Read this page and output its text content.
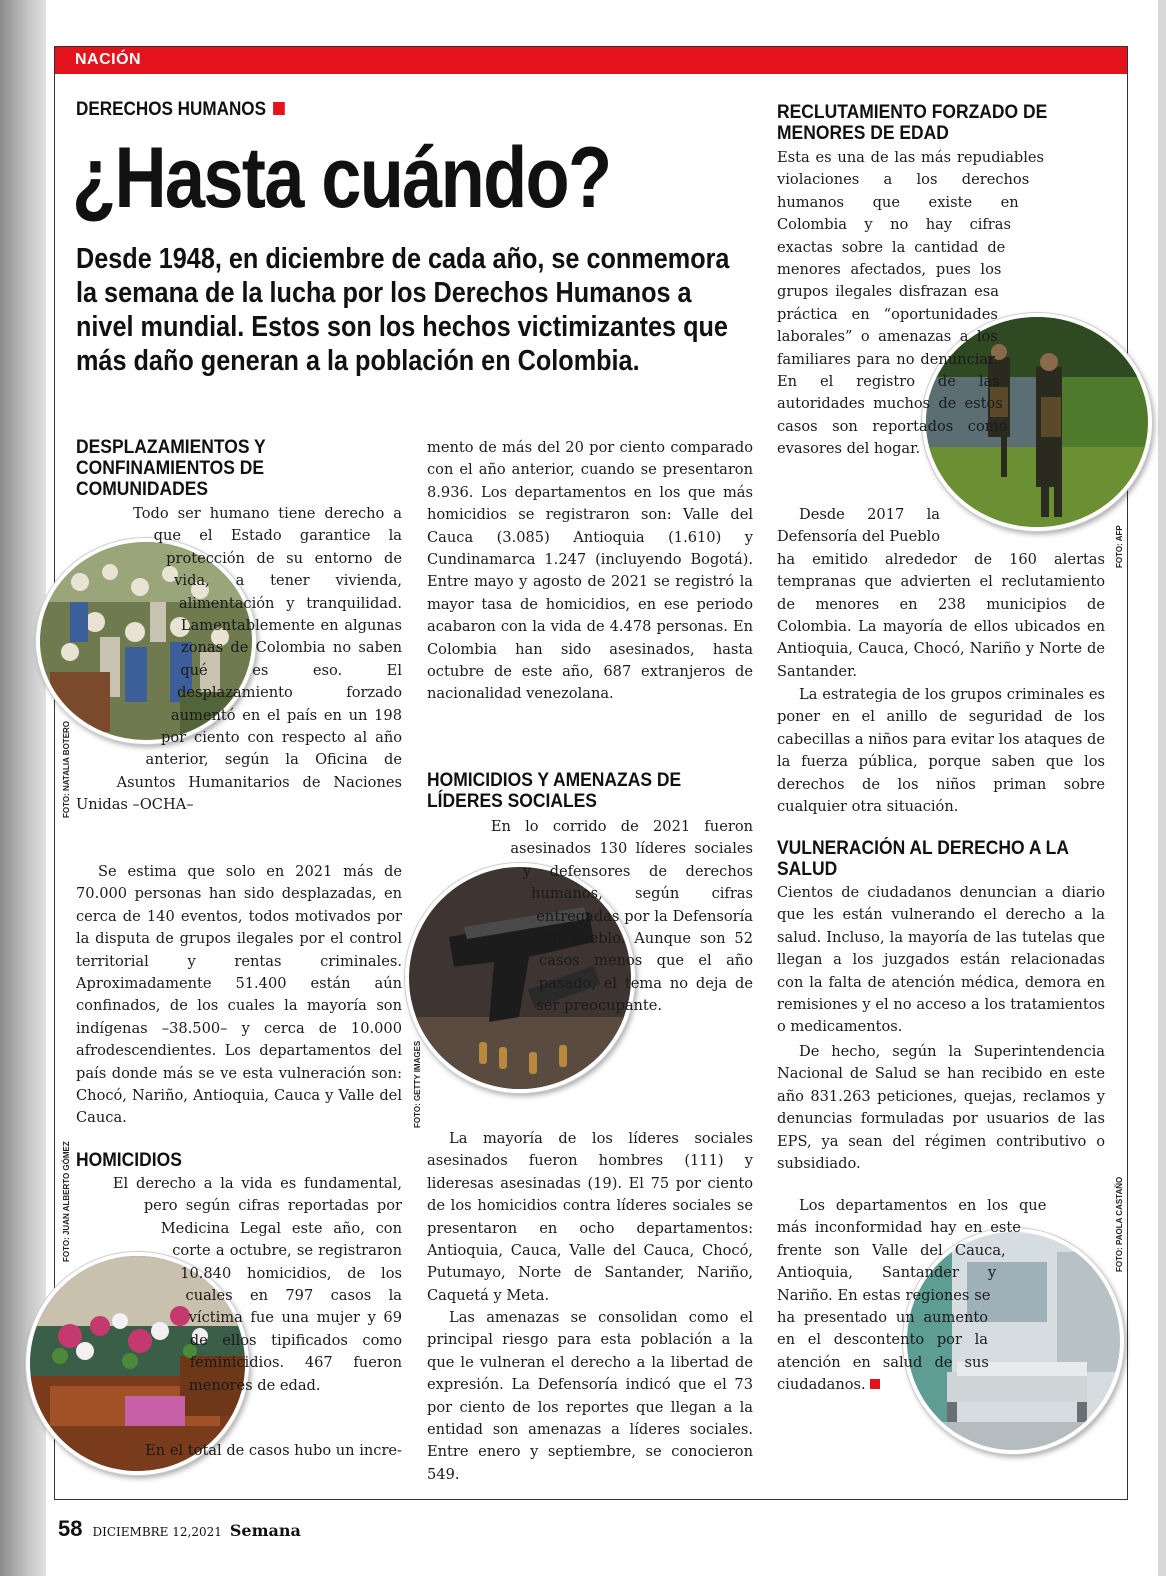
NACIÓN
DERECHOS HUMANOS
¿Hasta cuándo?
Desde 1948, en diciembre de cada año, se conmemora la semana de la lucha por los Derechos Humanos a nivel mundial. Estos son los hechos victimizantes que más daño generan a la población en Colombia.
DESPLAZAMIENTOS Y CONFINAMIENTOS DE COMUNIDADES
FOTO: NATALIA BOTERO
Todo ser humano tiene derecho a que el Estado garantice la protección de su entorno de vida, a tener vivienda, alimentación y tranquilidad. Lamentablemente en algunas zonas de Colombia no saben qué es eso. El desplazamiento forzado aumentó en el país en un 198 por ciento con respecto al año anterior, según la Oficina de Asuntos Humanitarios de Naciones Unidas –OCHA–
Se estima que solo en 2021 más de 70.000 personas han sido desplazadas, en cerca de 140 eventos, todos motivados por la disputa de grupos ilegales por el control territorial y rentas criminales. Aproximadamente 51.400 están aún confinados, de los cuales la mayoría son indígenas –38.500– y cerca de 10.000 afrodescendientes. Los departamentos del país donde más se ve esta vulneración son: Chocó, Nariño, Antioquia, Cauca y Valle del Cauca.
HOMICIDIOS
FOTO: JUAN ALBERTO GÓMEZ	El derecho a la vida es fundamental, pero según cifras reportadas por Medicina Legal este año, con corte a octubre, se registraron 10.840 homicidios, de los cuales en 797 casos la víctima fue una mujer y 69 de ellos tipificados como feminicidios. 467 fueron menores de edad.
En el total de casos hubo un incre-
mento de más del 20 por ciento comparado con el año anterior, cuando se presentaron 8.936. Los departamentos en los que más homicidios se registraron son: Valle del Cauca (3.085) Antioquia (1.610) y Cundinamarca 1.247 (incluyendo Bogotá). Entre mayo y agosto de 2021 se registró la mayor tasa de homicidios, en ese periodo acabaron con la vida de 4.478 personas. En Colombia han sido asesinados, hasta octubre de este año, 687 extranjeros de nacionalidad venezolana.
HOMICIDIOS Y AMENAZAS DE LÍDERES SOCIALES
FOTO: GETTY IMAGES
En lo corrido de 2021 fueron asesinados 130 líderes sociales y defensores de derechos humanos, según cifras entregadas por la Defensoría del Pueblo. Aunque son 52 casos menos que el año pasado, el tema no deja de ser preocupante.
La mayoría de los líderes sociales asesinados fueron hombres (111) y lideresas asesinadas (19). El 75 por ciento de los homicidios contra líderes sociales se presentaron en ocho departamentos: Antioquia, Cauca, Valle del Cauca, Chocó, Putumayo, Norte de Santander, Nariño, Caquetá y Meta.
Las amenazas se consolidan como el principal riesgo para esta población a la que le vulneran el derecho a la libertad de expresión. La Defensoría indicó que el 73 por ciento de los reportes que llegan a la entidad son amenazas a líderes sociales. Entre enero y septiembre, se conocieron 549.
RECLUTAMIENTO FORZADO DE MENORES DE EDAD
FOTO: AFP
Esta es una de las más repudiables violaciones a los derechos humanos que existe en Colombia y no hay cifras exactas sobre la cantidad de menores afectados, pues los grupos ilegales disfrazan esa práctica en “oportunidades laborales” o amenazas a los familiares para no denunciar. En el registro de las autoridades muchos de estos casos son reportados como evasores del hogar.
Desde 2017 la Defensoría del Pueblo ha emitido alrededor de 160 alertas tempranas que advierten el reclutamiento de menores en 238 municipios de Colombia. La mayoría de ellos ubicados en Antioquia, Cauca, Chocó, Nariño y Norte de Santander.
La estrategia de los grupos criminales es poner en el anillo de seguridad de los cabecillas a niños para evitar los ataques de la fuerza pública, porque saben que los derechos de los niños priman sobre cualquier otra situación.
VULNERACIÓN AL DERECHO A LA SALUD
Cientos de ciudadanos denuncian a diario que les están vulnerando el derecho a la salud. Incluso, la mayoría de las tutelas que llegan a los juzgados están relacionadas con la falta de atención médica, demora en remisiones y el no acceso a los tratamientos o medicamentos.
De hecho, según la Superintendencia Nacional de Salud se han recibido en este año 831.263 peticiones, quejas, reclamos y denuncias formuladas por usuarios de las EPS, ya sean del régimen contributivo o subsidiado.
FOTO: PAOLA CASTAÑO
Los departamentos en los que más inconformidad hay en este frente son Valle del Cauca, Antioquia, Santander y Nariño. En estas regiones se ha presentado un aumento en el descontento por la atención en salud de sus ciudadanos.
58 DICIEMBRE 12,2021 Semana
